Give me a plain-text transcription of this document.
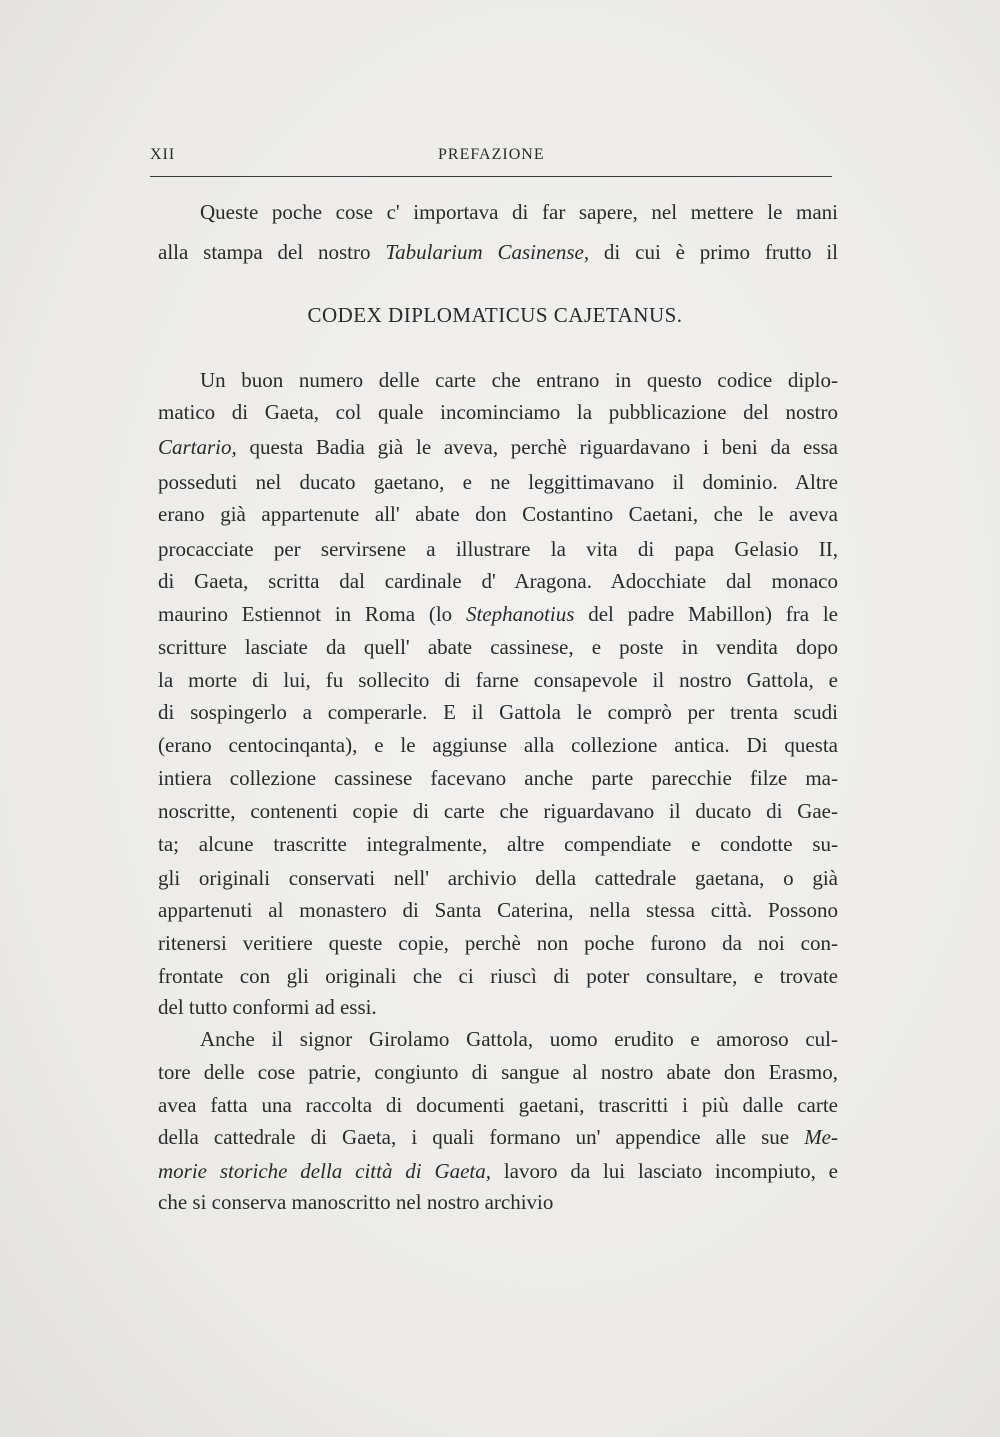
XII	PREFAZIONE
Queste poche cose c' importava di far sapere, nel mettere le mani
alla stampa del nostro Tabularium Casinense, di cui è primo frutto il
CODEX DIPLOMATICUS CAJETANUS.
Un buon numero delle carte che entrano in questo codice diplo-
matico di Gaeta, col quale incominciamo la pubblicazione del nostro
Cartario, questa Badia già le aveva, perchè riguardavano i beni da essa
posseduti nel ducato gaetano, e ne leggittimavano il dominio. Altre
erano già appartenute all' abate don Costantino Caetani, che le aveva
procacciate per servirsene a illustrare la vita di papa Gelasio II,
di Gaeta, scritta dal cardinale d' Aragona. Adocchiate dal monaco
maurino Estiennot in Roma (lo Stephanotius del padre Mabillon) fra le
scritture lasciate da quell' abate cassinese, e poste in vendita dopo
la morte di lui, fu sollecito di farne consapevole il nostro Gattola, e
di sospingerlo a comperarle. E il Gattola le comprò per trenta scudi
(erano centocinqanta), e le aggiunse alla collezione antica. Di questa
intiera collezione cassinese facevano anche parte parecchie filze ma-
noscritte, contenenti copie di carte che riguardavano il ducato di Gae-
ta; alcune trascritte integralmente, altre compendiate e condotte su-
gli originali conservati nell' archivio della cattedrale gaetana, o già
appartenuti al monastero di Santa Caterina, nella stessa città. Possono
ritenersi veritiere queste copie, perchè non poche furono da noi con-
frontate con gli originali che ci riuscì di poter consultare, e trovate
del tutto conformi ad essi.
Anche il signor Girolamo Gattola, uomo erudito e amoroso cul-
tore delle cose patrie, congiunto di sangue al nostro abate don Erasmo,
avea fatta una raccolta di documenti gaetani, trascritti i più dalle carte
della cattedrale di Gaeta, i quali formano un' appendice alle sue Me-
morie storiche della città di Gaeta, lavoro da lui lasciato incompiuto, e
che si conserva manoscritto nel nostro archivio
